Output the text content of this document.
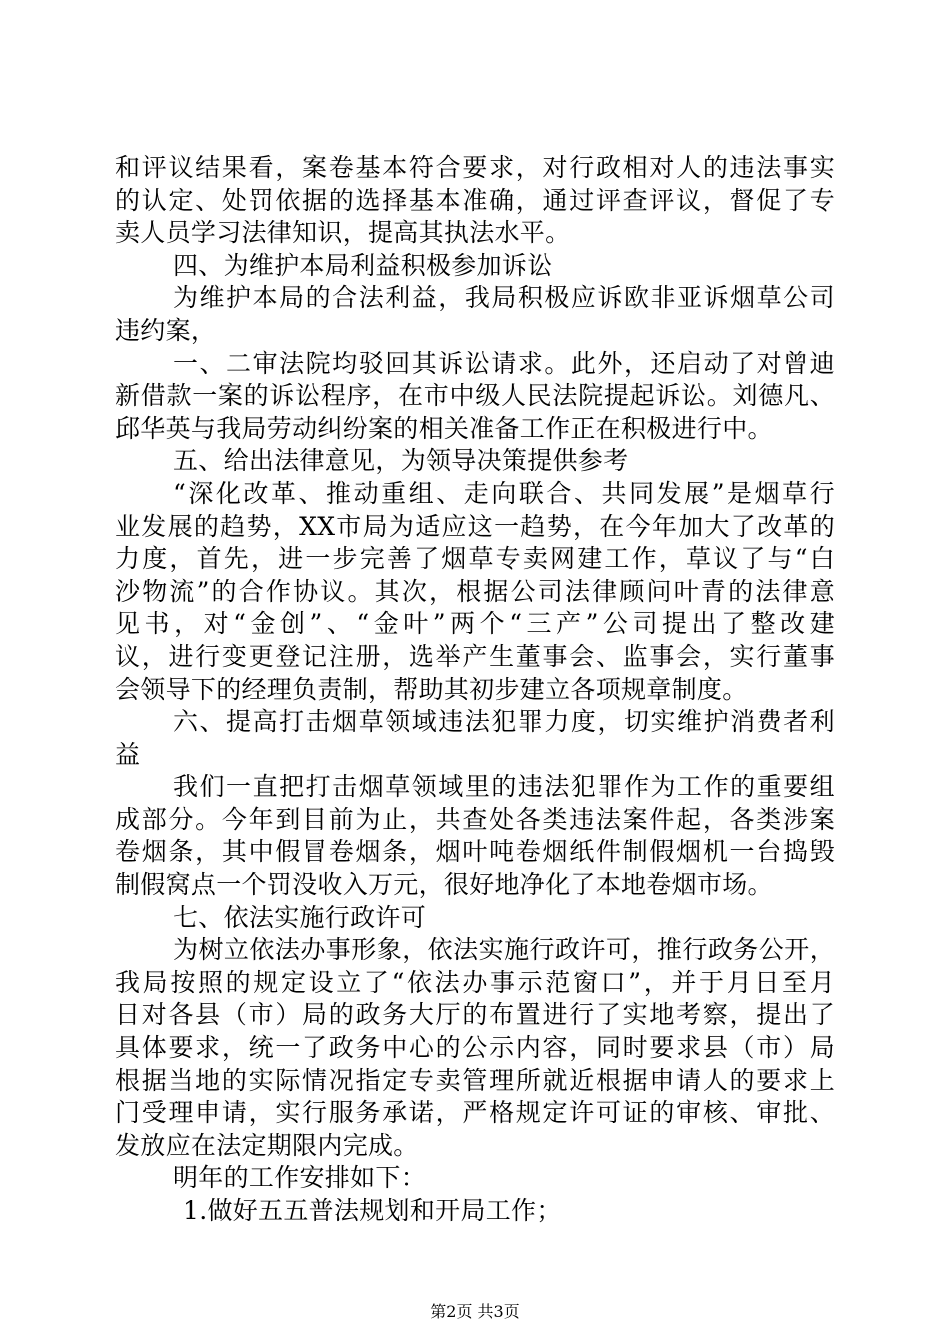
和评议结果看，案卷基本符合要求，对行政相对人的违法事实
的认定、处罚依据的选择基本准确，通过评查评议，督促了专
卖人员学习法律知识，提高其执法水平。
四、为维护本局利益积极参加诉讼
为维护本局的合法利益，我局积极应诉欧非亚诉烟草公司
违约案，
一、二审法院均驳回其诉讼请求。此外，还启动了对曾迪
新借款一案的诉讼程序，在市中级人民法院提起诉讼。刘德凡、
邱华英与我局劳动纠纷案的相关准备工作正在积极进行中。
五、给出法律意见，为领导决策提供参考
“深化改革、推动重组、走向联合、共同发展”是烟草行
业发展的趋势，XX市局为适应这一趋势，在今年加大了改革的
力度，首先，进一步完善了烟草专卖网建工作，草议了与“白
沙物流”的合作协议。其次，根据公司法律顾问叶青的法律意
见书，对“金创”、“金叶”两个“三产”公司提出了整改建
议，进行变更登记注册，选举产生董事会、监事会，实行董事
会领导下的经理负责制，帮助其初步建立各项规章制度。
六、提高打击烟草领域违法犯罪力度，切实维护消费者利
益
我们一直把打击烟草领域里的违法犯罪作为工作的重要组
成部分。今年到目前为止，共查处各类违法案件起，各类涉案
卷烟条，其中假冒卷烟条，烟叶吨卷烟纸件制假烟机一台捣毁
制假窝点一个罚没收入万元，很好地净化了本地卷烟市场。
七、依法实施行政许可
为树立依法办事形象，依法实施行政许可，推行政务公开，
我局按照的规定设立了“依法办事示范窗口”，并于月日至月
日对各县（市）局的政务大厅的布置进行了实地考察，提出了
具体要求，统一了政务中心的公示内容，同时要求县（市）局
根据当地的实际情况指定专卖管理所就近根据申请人的要求上
门受理申请，实行服务承诺，严格规定许可证的审核、审批、
发放应在法定期限内完成。
明年的工作安排如下：
1.做好五五普法规划和开局工作；
第2页 共3页
